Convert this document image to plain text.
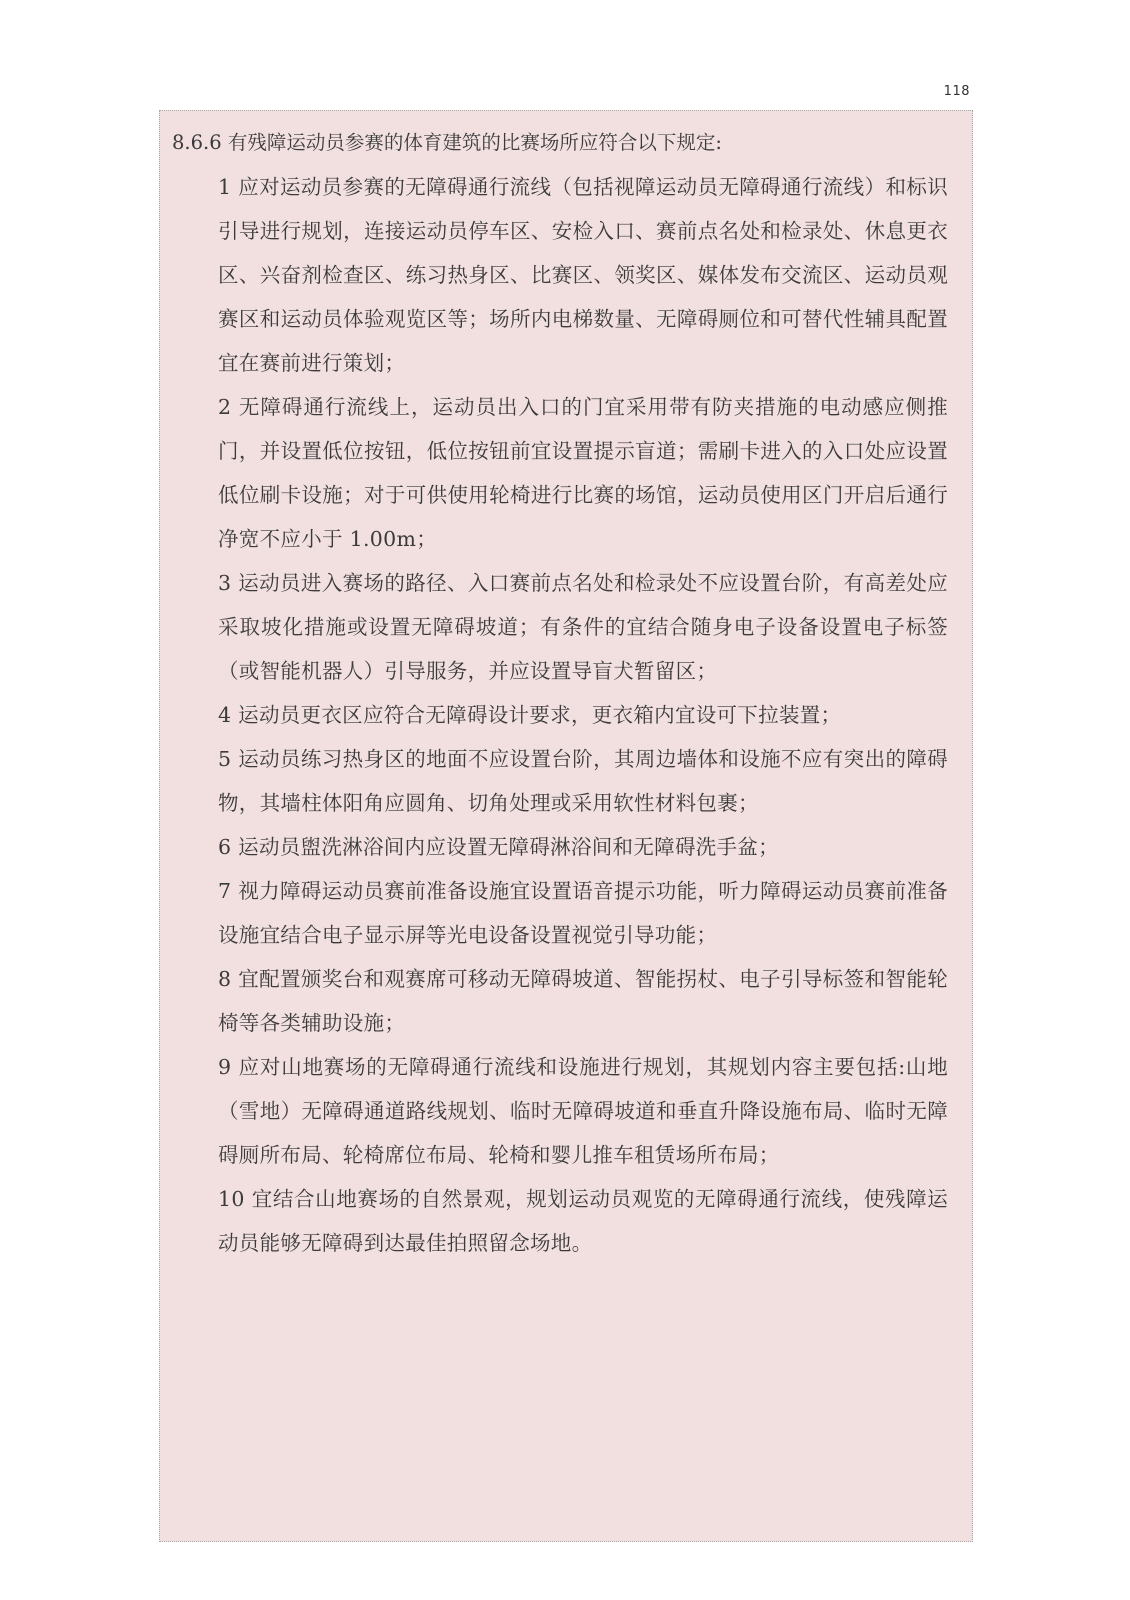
118

8.6.6 有残障运动员参赛的体育建筑的比赛场所应符合以下规定:

1 应对运动员参赛的无障碍通行流线（包括视障运动员无障碍通行流线）和标识引导进行规划，连接运动员停车区、安检入口、赛前点名处和检录处、休息更衣区、兴奋剂检查区、练习热身区、比赛区、领奖区、媒体发布交流区、运动员观赛区和运动员体验观览区等；场所内电梯数量、无障碍厕位和可替代性辅具配置宜在赛前进行策划；

2 无障碍通行流线上，运动员出入口的门宜采用带有防夹措施的电动感应侧推门，并设置低位按钮，低位按钮前宜设置提示盲道；需刷卡进入的入口处应设置低位刷卡设施；对于可供使用轮椅进行比赛的场馆，运动员使用区门开启后通行净宽不应小于 1.00m；

3 运动员进入赛场的路径、入口赛前点名处和检录处不应设置台阶，有高差处应采取坡化措施或设置无障碍坡道；有条件的宜结合随身电子设备设置电子标签（或智能机器人）引导服务，并应设置导盲犬暂留区；

4 运动员更衣区应符合无障碍设计要求，更衣箱内宜设可下拉装置；

5 运动员练习热身区的地面不应设置台阶，其周边墙体和设施不应有突出的障碍物，其墙柱体阳角应圆角、切角处理或采用软性材料包裹；

6 运动员盥洗淋浴间内应设置无障碍淋浴间和无障碍洗手盆；

7 视力障碍运动员赛前准备设施宜设置语音提示功能，听力障碍运动员赛前准备设施宜结合电子显示屏等光电设备设置视觉引导功能；

8 宜配置颁奖台和观赛席可移动无障碍坡道、智能拐杖、电子引导标签和智能轮椅等各类辅助设施；

9 应对山地赛场的无障碍通行流线和设施进行规划，其规划内容主要包括:山地（雪地）无障碍通道路线规划、临时无障碍坡道和垂直升降设施布局、临时无障碍厕所布局、轮椅席位布局、轮椅和婴儿推车租赁场所布局；

10 宜结合山地赛场的自然景观，规划运动员观览的无障碍通行流线，使残障运动员能够无障碍到达最佳拍照留念场地。
